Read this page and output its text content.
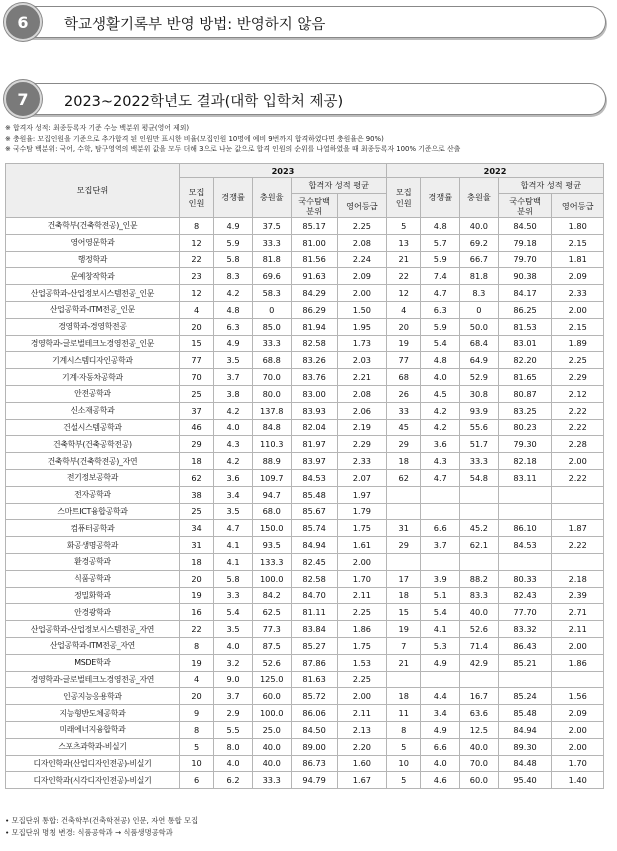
6	학교생활기록부 반영 방법: 반영하지 않음
7	2023~2022학년도 결과(대학 입학처 제공)
※ 합격자 성적: 최종등록자 기준 수능 백분위 평균(영어 제외)
※ 충원율: 모집인원을 기준으로 추가합격 된 인원만 표시한 비율(모집인원 10명에 예비 9번까지 합격하였다면 충원율은 90%)
※ 국수탐 백분위: 국어, 수학, 탐구영역의 백분위 값을 모두 더해 3으로 나눈 값으로 합격 인원의 순위를 나열하였을 때 최종등록자 100% 기준으로 산출
모집단위	2023					2022				
	모집인원	경쟁률	충원율	합격자 성적 평균		모집인원	경쟁률	충원율	합격자 성적 평균	
				국수탐백분위	영어등급				국수탐백분위	영어등급
건축학부(건축학전공)_인문	8	4.9	37.5	85.17	2.25	5	4.8	40.0	84.50	1.80
영어영문학과	12	5.9	33.3	81.00	2.08	13	5.7	69.2	79.18	2.15
행정학과	22	5.8	81.8	81.56	2.24	21	5.9	66.7	79.70	1.81
문예창작학과	23	8.3	69.6	91.63	2.09	22	7.4	81.8	90.38	2.09
산업공학과-산업정보시스템전공_인문	12	4.2	58.3	84.29	2.00	12	4.7	8.3	84.17	2.33
산업공학과-ITM전공_인문	4	4.8	0	86.29	1.50	4	6.3	0	86.25	2.00
경영학과-경영학전공	20	6.3	85.0	81.94	1.95	20	5.9	50.0	81.53	2.15
경영학과-글로벌테크노경영전공_인문	15	4.9	33.3	82.58	1.73	19	5.4	68.4	83.01	1.89
기계시스템디자인공학과	77	3.5	68.8	83.26	2.03	77	4.8	64.9	82.20	2.25
기계·자동차공학과	70	3.7	70.0	83.76	2.21	68	4.0	52.9	81.65	2.29
안전공학과	25	3.8	80.0	83.00	2.08	26	4.5	30.8	80.87	2.12
신소재공학과	37	4.2	137.8	83.93	2.06	33	4.2	93.9	83.25	2.22
건설시스템공학과	46	4.0	84.8	82.04	2.19	45	4.2	55.6	80.23	2.22
건축학부(건축공학전공)	29	4.3	110.3	81.97	2.29	29	3.6	51.7	79.30	2.28
건축학부(건축학전공)_자연	18	4.2	88.9	83.97	2.33	18	4.3	33.3	82.18	2.00
전기정보공학과	62	3.6	109.7	84.53	2.07	62	4.7	54.8	83.11	2.22
전자공학과	38	3.4	94.7	85.48	1.97					
스마트ICT융합공학과	25	3.5	68.0	85.67	1.79					
컴퓨터공학과	34	4.7	150.0	85.74	1.75	31	6.6	45.2	86.10	1.87
화공생명공학과	31	4.1	93.5	84.94	1.61	29	3.7	62.1	84.53	2.22
환경공학과	18	4.1	133.3	82.45	2.00					
식품공학과	20	5.8	100.0	82.58	1.70	17	3.9	88.2	80.33	2.18
정밀화학과	19	3.3	84.2	84.70	2.11	18	5.1	83.3	82.43	2.39
안경광학과	16	5.4	62.5	81.11	2.25	15	5.4	40.0	77.70	2.71
산업공학과-산업정보시스템전공_자연	22	3.5	77.3	83.84	1.86	19	4.1	52.6	83.32	2.11
산업공학과-ITM전공_자연	8	4.0	87.5	85.27	1.75	7	5.3	71.4	86.43	2.00
MSDE학과	19	3.2	52.6	87.86	1.53	21	4.9	42.9	85.21	1.86
경영학과-글로벌테크노경영전공_자연	4	9.0	125.0	81.63	2.25					
인공지능응용학과	20	3.7	60.0	85.72	2.00	18	4.4	16.7	85.24	1.56
지능형반도체공학과	9	2.9	100.0	86.06	2.11	11	3.4	63.6	85.48	2.09
미래에너지융합학과	8	5.5	25.0	84.50	2.13	8	4.9	12.5	84.94	2.00
스포츠과학과-비실기	5	8.0	40.0	89.00	2.20	5	6.6	40.0	89.30	2.00
디자인학과(산업디자인전공)-비실기	10	4.0	40.0	86.73	1.60	10	4.0	70.0	84.48	1.70
디자인학과(시각디자인전공)-비실기	6	6.2	33.3	94.79	1.67	5	4.6	60.0	95.40	1.40
• 모집단위 통합: 건축학부(건축학전공) 인문, 자연 통합 모집
• 모집단위 명칭 변경: 식품공학과 → 식품생명공학과
